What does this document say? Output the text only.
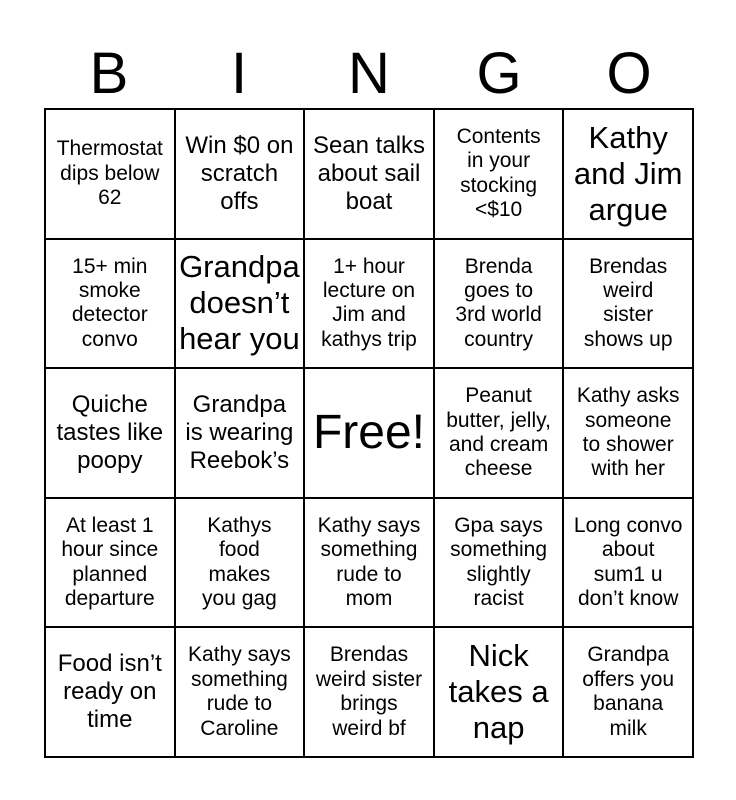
B	I	N	G	O
Thermostat
dips below
62
Win $0 on
scratch
offs
Sean talks
about sail
boat
Contents
in your
stocking
<$10
Kathy
and Jim
argue
15+ min
smoke
detector
convo
Grandpa
doesn’t
hear you
1+ hour
lecture on
Jim and
kathys trip
Brenda
goes to
3rd world
country
Brendas
weird
sister
shows up
Quiche
tastes like
poopy
Grandpa
is wearing
Reebok’s
Free!
Peanut
butter, jelly,
and cream
cheese
Kathy asks
someone
to shower
with her
At least 1
hour since
planned
departure
Kathys
food
makes
you gag
Kathy says
something
rude to
mom
Gpa says
something
slightly
racist
Long convo
about
sum1 u
don’t know
Food isn’t
ready on
time
Kathy says
something
rude to
Caroline
Brendas
weird sister
brings
weird bf
Nick
takes a
nap
Grandpa
offers you
banana
milk
